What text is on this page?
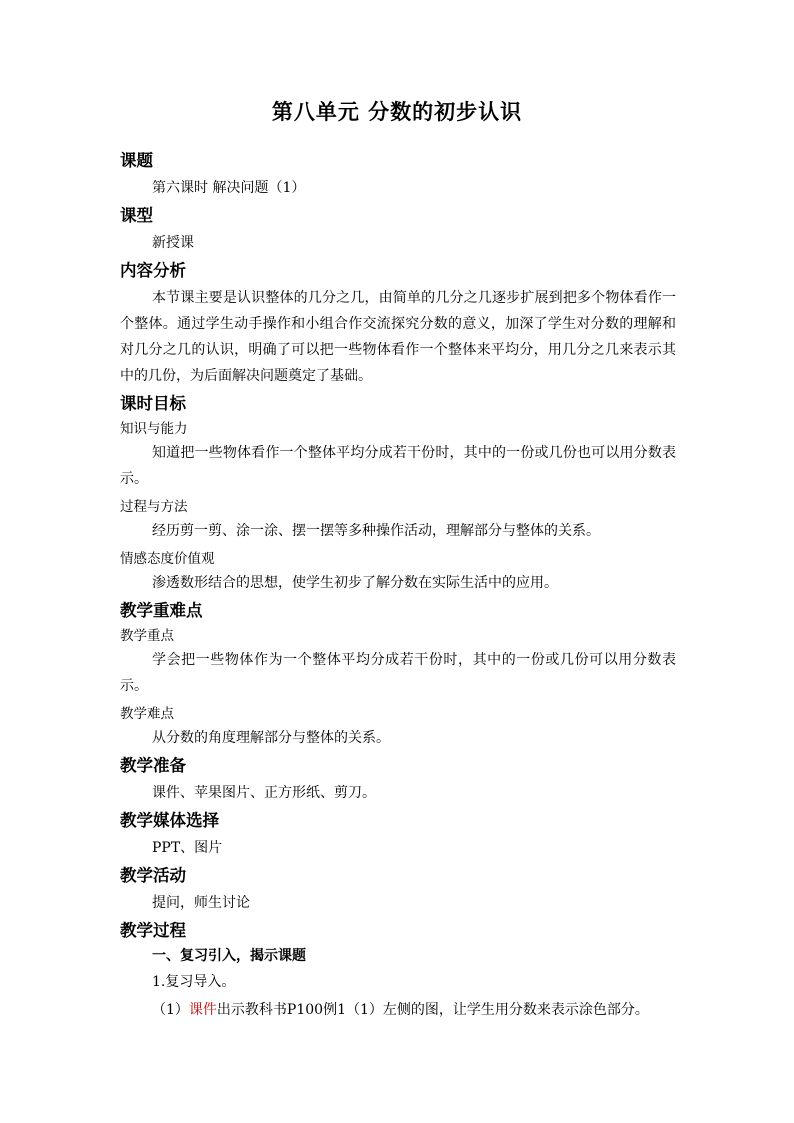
第八单元 分数的初步认识
课题
第六课时 解决问题（1）
课型
新授课
内容分析
本节课主要是认识整体的几分之几，由简单的几分之几逐步扩展到把多个物体看作一个整体。通过学生动手操作和小组合作交流探究分数的意义，加深了学生对分数的理解和对几分之几的认识，明确了可以把一些物体看作一个整体来平均分，用几分之几来表示其中的几份，为后面解决问题奠定了基础。
课时目标
知识与能力
知道把一些物体看作一个整体平均分成若干份时，其中的一份或几份也可以用分数表示。
过程与方法
经历剪一剪、涂一涂、摆一摆等多种操作活动，理解部分与整体的关系。
情感态度价值观
渗透数形结合的思想，使学生初步了解分数在实际生活中的应用。
教学重难点
教学重点
学会把一些物体作为一个整体平均分成若干份时，其中的一份或几份可以用分数表示。
教学难点
从分数的角度理解部分与整体的关系。
教学准备
课件、苹果图片、正方形纸、剪刀。
教学媒体选择
PPT、图片
教学活动
提问，师生讨论
教学过程
一、复习引入，揭示课题
1.复习导入。
（1）课件出示教科书P100例1（1）左侧的图，让学生用分数来表示涂色部分。
